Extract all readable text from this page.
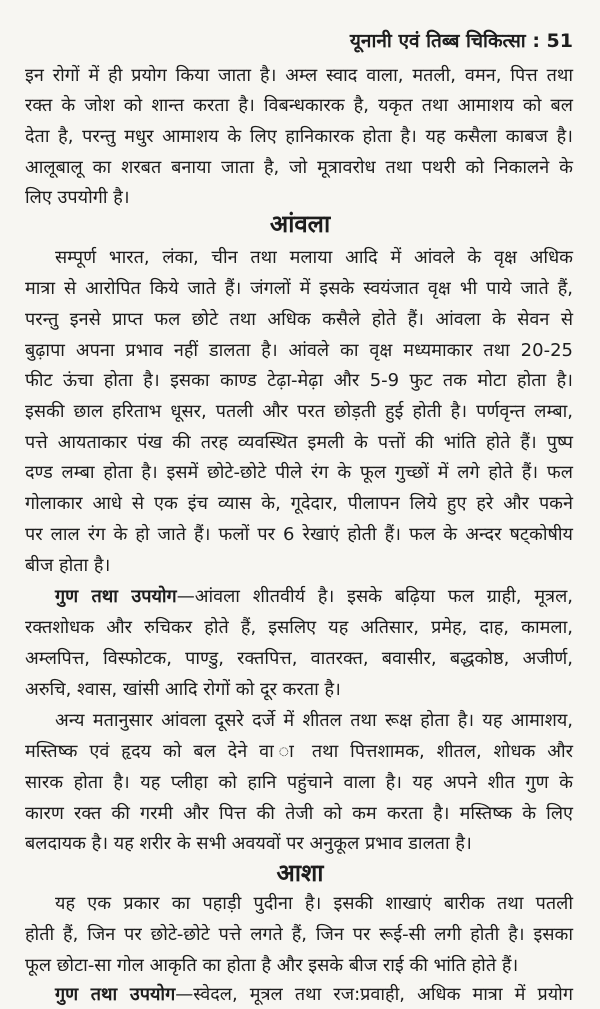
यूनानी एवं तिब्ब चिकित्सा : 51
इन रोगों में ही प्रयोग किया जाता है। अम्ल स्वाद वाला, मतली, वमन, पित्त तथा
रक्त के जोश को शान्त करता है। विबन्धकारक है, यकृत तथा आमाशय को बल
देता है, परन्तु मधुर आमाशय के लिए हानिकारक होता है। यह कसैला काबज है।
आलूबालू का शरबत बनाया जाता है, जो मूत्रावरोध तथा पथरी को निकालने के
लिए उपयोगी है।
आंवला
सम्पूर्ण भारत, लंका, चीन तथा मलाया आदि में आंवले के वृक्ष अधिक
मात्रा से आरोपित किये जाते हैं। जंगलों में इसके स्वयंजात वृक्ष भी पाये जाते हैं,
परन्तु इनसे प्राप्त फल छोटे तथा अधिक कसैले होते हैं। आंवला के सेवन से
बुढ़ापा अपना प्रभाव नहीं डालता है। आंवले का वृक्ष मध्यमाकार तथा 20-25
फीट ऊंचा होता है। इसका काण्ड टेढ़ा-मेढ़ा और 5-9 फुट तक मोटा होता है।
इसकी छाल हरिताभ धूसर, पतली और परत छोड़ती हुई होती है। पर्णवृन्त लम्बा,
पत्ते आयताकार पंख की तरह व्यवस्थित इमली के पत्तों की भांति होते हैं। पुष्प
दण्ड लम्बा होता है। इसमें छोटे-छोटे पीले रंग के फूल गुच्छों में लगे होते हैं। फल
गोलाकार आधे से एक इंच व्यास के, गूदेदार, पीलापन लिये हुए हरे और पकने
पर लाल रंग के हो जाते हैं। फलों पर 6 रेखाएं होती हैं। फल के अन्दर षट्कोषीय
बीज होता है।
गुण तथा उपयोग—आंवला शीतवीर्य है। इसके बढ़िया फल ग्राही, मूत्रल,
रक्तशोधक और रुचिकर होते हैं, इसलिए यह अतिसार, प्रमेह, दाह, कामला,
अम्लपित्त, विस्फोटक, पाण्डु, रक्तपित्त, वातरक्त, बवासीर, बद्धकोष्ठ, अजीर्ण,
अरुचि, श्वास, खांसी आदि रोगों को दूर करता है।
अन्य मतानुसार आंवला दूसरे दर्जे में शीतल तथा रूक्ष होता है। यह आमाशय,
मस्तिष्क एवं हृदय को बल देने वा ा तथा पित्तशामक, शीतल, शोधक और
सारक होता है। यह प्लीहा को हानि पहुंचाने वाला है। यह अपने शीत गुण के
कारण रक्त की गरमी और पित्त की तेजी को कम करता है। मस्तिष्क के लिए
बलदायक है। यह शरीर के सभी अवयवों पर अनुकूल प्रभाव डालता है।
आशा
यह एक प्रकार का पहाड़ी पुदीना है। इसकी शाखाएं बारीक तथा पतली
होती हैं, जिन पर छोटे-छोटे पत्ते लगते हैं, जिन पर रूई-सी लगी होती है। इसका
फूल छोटा-सा गोल आकृति का होता है और इसके बीज राई की भांति होते हैं।
गुण तथा उपयोग—स्वेदल, मूत्रल तथा रज:प्रवाही, अधिक मात्रा में प्रयोग
